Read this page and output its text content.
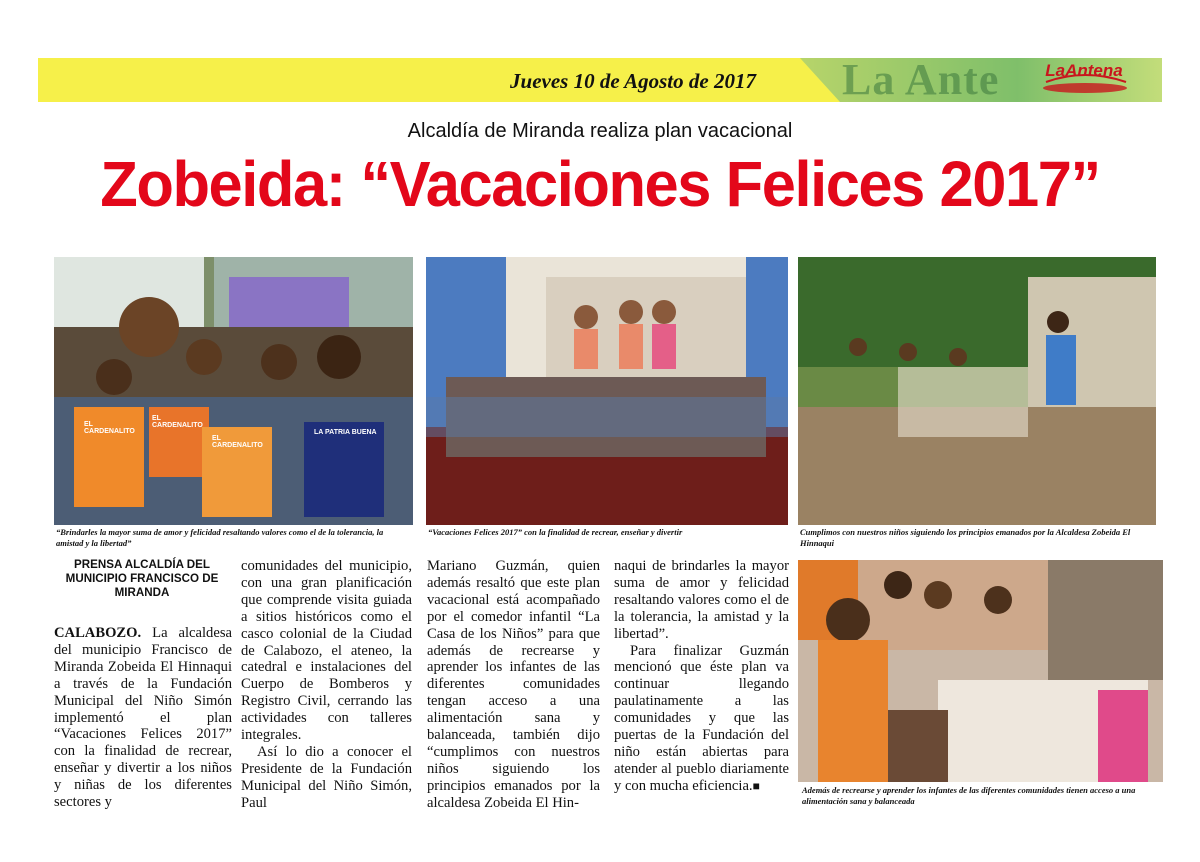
La Ante	LaAntena
Jueves 10 de Agosto de 2017
Alcaldía de Miranda realiza plan vacacional
Zobeida: “Vacaciones Felices 2017”
EL CARDENALITO
EL CARDENALITO
EL CARDENALITO
LA PATRIA BUENA
“Brindarles la mayor suma de amor y felicidad resaltando valores como el de la tolerancia, la amistad y la libertad”
“Vacaciones Felices 2017” con la finalidad de recrear, enseñar y divertir	Cumplimos con nuestros niños siguiendo los principios emanados por la Alcaldesa Zobeida El Hinnaqui
Además de recrearse y aprender los infantes de las diferentes comunidades tienen acceso a una alimentación sana y balanceada
PRENSA ALCALDÍA DEL MUNICIPIO FRANCISCO DE MIRANDA

CALABOZO. La alcaldesa del municipio Francisco de Miranda Zobeida El Hinnaqui a través de la Fundación Municipal del Niño Simón implementó el plan “Vacaciones Felices 2017” con la finalidad de recrear, enseñar y divertir a los niños y niñas de los diferentes sectores y

comunidades del municipio, con una gran planificación que comprende visita guiada a sitios históricos como el casco colonial de la Ciudad de Calabozo, el ateneo, la catedral e instalaciones del Cuerpo de Bomberos y Registro Civil, cerrando las actividades con talleres integrales.

Así lo dio a conocer el Presidente de la Fundación Municipal del Niño Simón, Paul

Mariano Guzmán, quien además resaltó que este plan vacacional está acompañado por el comedor infantil “La Casa de los Niños” para que además de recrearse y aprender los infantes de las diferentes comunidades tengan acceso a una alimentación sana y balanceada, también dijo “cumplimos con nuestros niños siguiendo los principios emanados por la alcaldesa Zobeida El Hin-

naqui de brindarles la mayor suma de amor y felicidad resaltando valores como el de la tolerancia, la amistad y la libertad”.

Para finalizar Guzmán mencionó que éste plan va continuar llegando paulatinamente a las comunidades y que las puertas de la Fundación del niño están abiertas para atender al pueblo diariamente y con mucha eficiencia.■
